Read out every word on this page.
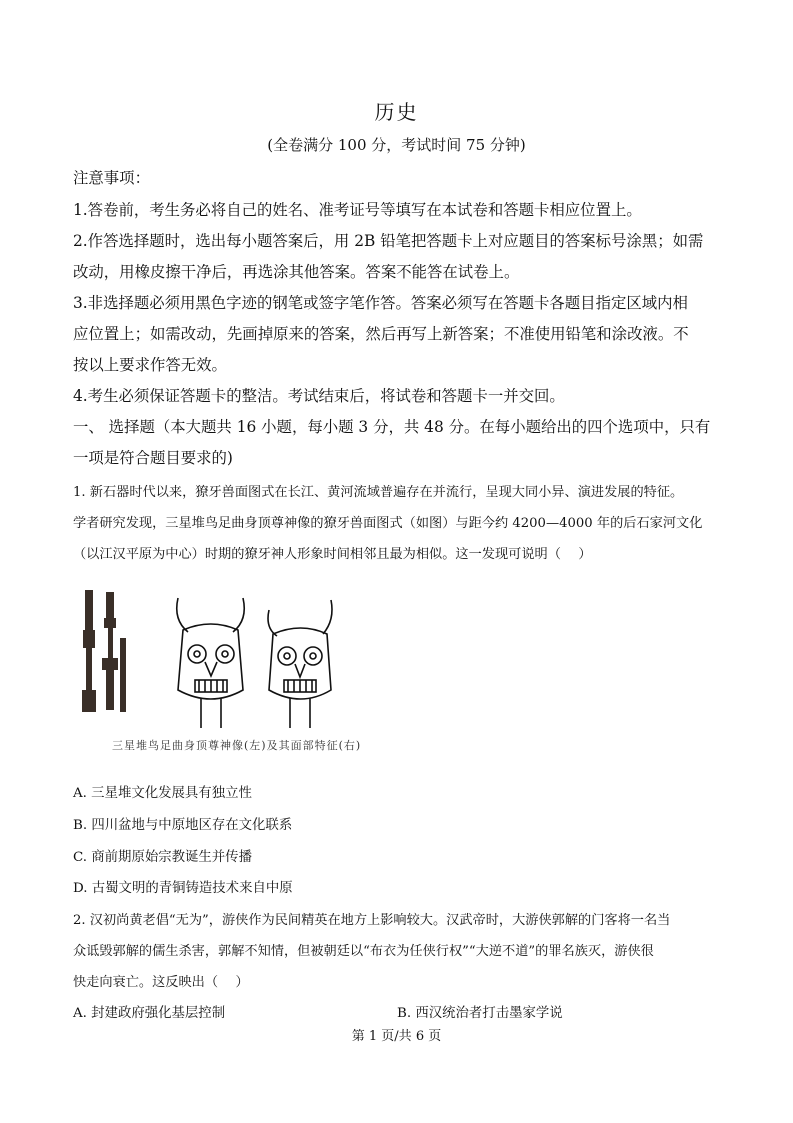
历史
(全卷满分 100 分，考试时间 75 分钟)
注意事项：
1.答卷前，考生务必将自己的姓名、准考证号等填写在本试卷和答题卡相应位置上。
2.作答选择题时，选出每小题答案后，用 2B 铅笔把答题卡上对应题目的答案标号涂黑；如需
改动，用橡皮擦干净后，再选涂其他答案。答案不能答在试卷上。
3.非选择题必须用黑色字迹的钢笔或签字笔作答。答案必须写在答题卡各题目指定区域内相
应位置上；如需改动，先画掉原来的答案，然后再写上新答案；不准使用铅笔和涂改液。不
按以上要求作答无效。
4.考生必须保证答题卡的整洁。考试结束后，将试卷和答题卡一并交回。
一、 选择题（本大题共 16 小题，每小题 3 分，共 48 分。在每小题给出的四个选项中，只有
一项是符合题目要求的)
1. 新石器时代以来，獠牙兽面图式在长江、黄河流域普遍存在并流行，呈现大同小异、演进发展的特征。
学者研究发现，三星堆鸟足曲身顶尊神像的獠牙兽面图式（如图）与距今约 4200—4000 年的后石家河文化
（以江汉平原为中心）时期的獠牙神人形象时间相邻且最为相似。这一发现可说明（　 ）
三星堆鸟足曲身顶尊神像(左)及其面部特征(右)
A. 三星堆文化发展具有独立性
B. 四川盆地与中原地区存在文化联系
C. 商前期原始宗教诞生并传播
D. 古蜀文明的青铜铸造技术来自中原
2. 汉初尚黄老倡“无为”，游侠作为民间精英在地方上影响较大。汉武帝时，大游侠郭解的门客将一名当
众诋毁郭解的儒生杀害，郭解不知情，但被朝廷以“布衣为任侠行权”“大逆不道”的罪名族灭，游侠很
快走向衰亡。这反映出（　 ）
A. 封建政府强化基层控制	B. 西汉统治者打击墨家学说
第 1 页/共 6 页
